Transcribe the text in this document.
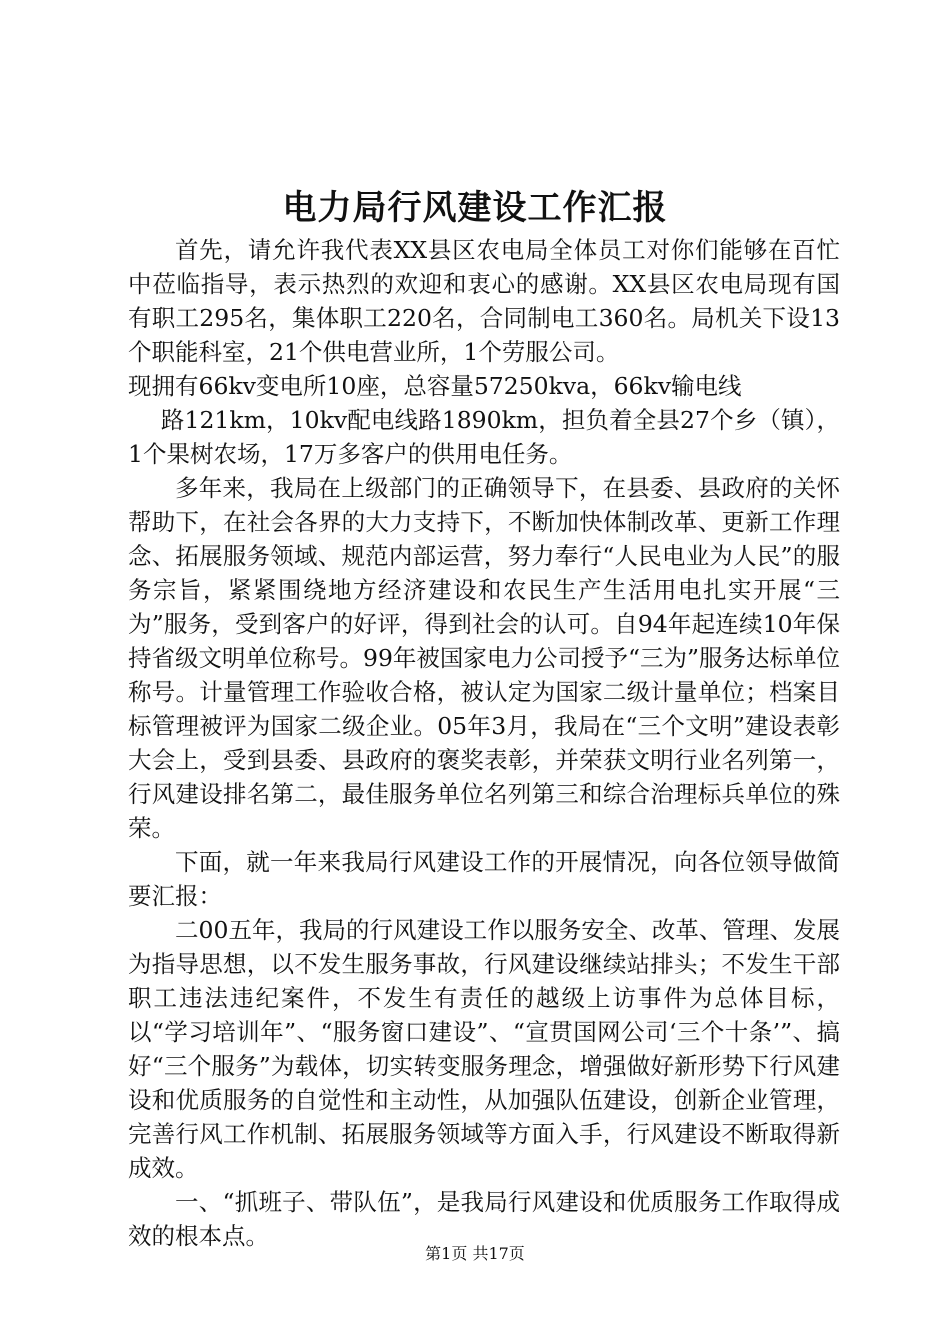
电力局行风建设工作汇报

首先，请允许我代表XX县区农电局全体员工对你们能够在百忙中莅临指导，表示热烈的欢迎和衷心的感谢。XX县区农电局现有国有职工295名，集体职工220名，合同制电工360名。局机关下设13个职能科室，21个供电营业所，1个劳服公司。

现拥有66kv变电所10座，总容量57250kva，66kv输电线

路121km，10kv配电线路1890km，担负着全县27个乡（镇），1个果树农场，17万多客户的供用电任务。

多年来，我局在上级部门的正确领导下，在县委、县政府的关怀帮助下，在社会各界的大力支持下，不断加快体制改革、更新工作理念、拓展服务领域、规范内部运营，努力奉行“人民电业为人民”的服务宗旨，紧紧围绕地方经济建设和农民生产生活用电扎实开展“三为”服务，受到客户的好评，得到社会的认可。自94年起连续10年保持省级文明单位称号。99年被国家电力公司授予“三为”服务达标单位称号。计量管理工作验收合格，被认定为国家二级计量单位；档案目标管理被评为国家二级企业。05年3月，我局在“三个文明”建设表彰大会上，受到县委、县政府的褒奖表彰，并荣获文明行业名列第一，行风建设排名第二，最佳服务单位名列第三和综合治理标兵单位的殊荣。

下面，就一年来我局行风建设工作的开展情况，向各位领导做简要汇报：

二00五年，我局的行风建设工作以服务安全、改革、管理、发展为指导思想，以不发生服务事故，行风建设继续站排头；不发生干部职工违法违纪案件，不发生有责任的越级上访事件为总体目标，以“学习培训年”、“服务窗口建设”、“宣贯国网公司‘三个十条’”、搞好“三个服务”为载体，切实转变服务理念，增强做好新形势下行风建设和优质服务的自觉性和主动性，从加强队伍建设，创新企业管理，完善行风工作机制、拓展服务领域等方面入手，行风建设不断取得新成效。

一、“抓班子、带队伍”，是我局行风建设和优质服务工作取得成效的根本点。

第1页 共17页
